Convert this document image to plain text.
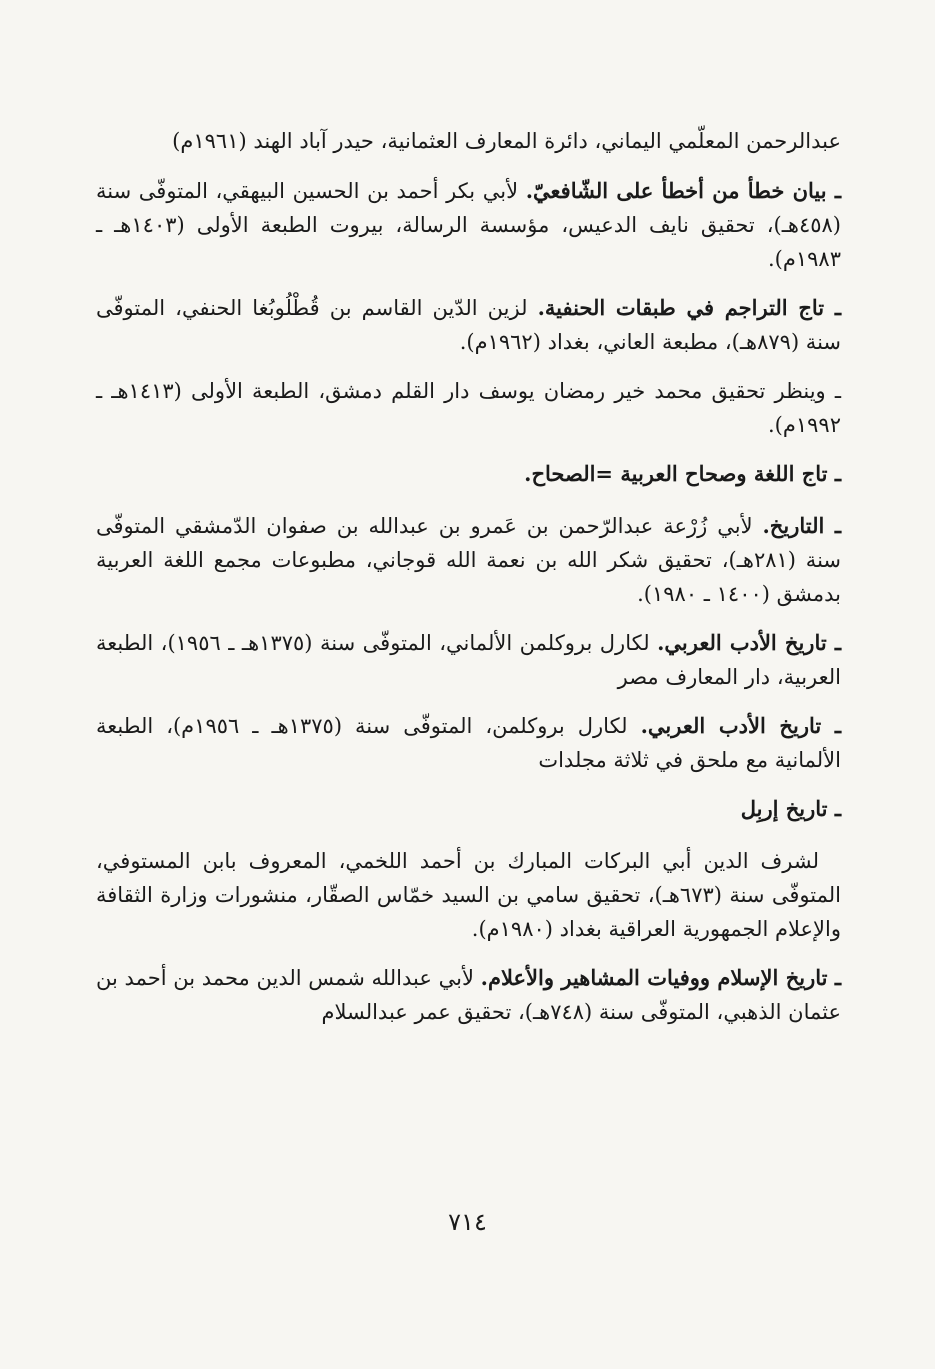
عبدالرحمن المعلّمي اليماني، دائرة المعارف العثمانية، حيدر آباد الهند (١٩٦١م)

ـ بيان خطأ من أخطأ على الشّافعيّ. لأبي بكر أحمد بن الحسين البيهقي، المتوفّى سنة (٤٥٨هـ)، تحقيق نايف الدعيس، مؤسسة الرسالة، بيروت الطبعة الأولى (١٤٠٣هـ ـ ١٩٨٣م).

ـ تاج التراجم في طبقات الحنفية. لزين الدّين القاسم بن قُطْلُوبُغا الحنفي، المتوفّى سنة (٨٧٩هـ)، مطبعة العاني، بغداد (١٩٦٢م).

ـ وينظر تحقيق محمد خير رمضان يوسف دار القلم دمشق، الطبعة الأولى (١٤١٣هـ ـ ١٩٩٢م).

ـ تاج اللغة وصحاح العربية =الصحاح.

ـ التاريخ. لأبي زُرْعة عبدالرّحمن بن عَمرو بن عبدالله بن صفوان الدّمشقي المتوفّى سنة (٢٨١هـ)، تحقيق شكر الله بن نعمة الله قوجاني، مطبوعات مجمع اللغة العربية بدمشق (١٤٠٠ ـ ١٩٨٠).

ـ تاريخ الأدب العربي. لكارل بروكلمن الألماني، المتوفّى سنة (١٣٧٥هـ ـ ١٩٥٦)، الطبعة العربية، دار المعارف مصر

ـ تاريخ الأدب العربي. لكارل بروكلمن، المتوفّى سنة (١٣٧٥هـ ـ ١٩٥٦م)، الطبعة الألمانية مع ملحق في ثلاثة مجلدات

ـ تاريخ إربِل

لشرف الدين أبي البركات المبارك بن أحمد اللخمي، المعروف بابن المستوفي، المتوفّى سنة (٦٧٣هـ)، تحقيق سامي بن السيد خمّاس الصقّار، منشورات وزارة الثقافة والإعلام الجمهورية العراقية بغداد (١٩٨٠م).

ـ تاريخ الإسلام ووفيات المشاهير والأعلام. لأبي عبدالله شمس الدين محمد بن أحمد بن عثمان الذهبي، المتوفّى سنة (٧٤٨هـ)، تحقيق عمر عبدالسلام

٧١٤
